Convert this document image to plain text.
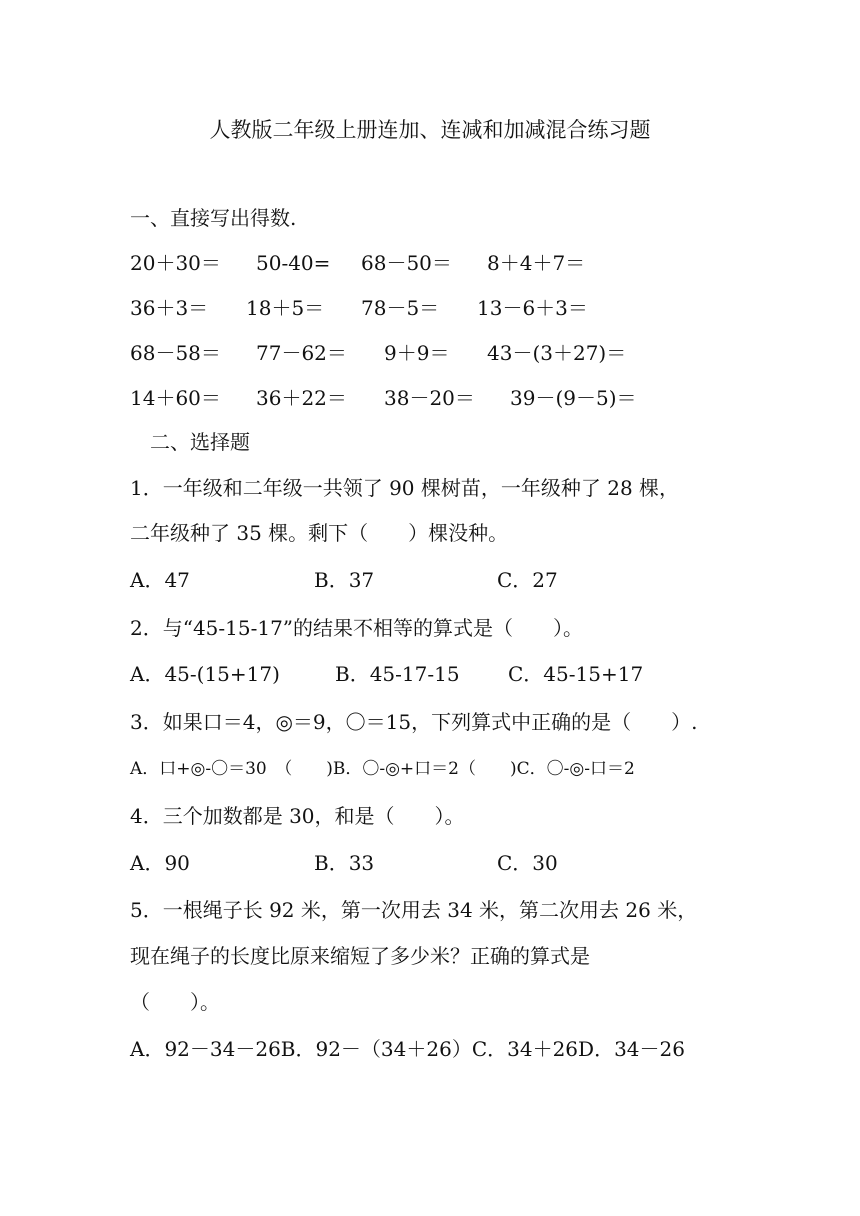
人教版二年级上册连加、连减和加减混合练习题
一、直接写出得数.
20＋30＝ 50-40= 68－50＝ 8＋4＋7＝
36＋3＝ 18＋5＝ 78－5＝ 13－6＋3＝
68－58＝ 77－62＝ 9＋9＝ 43－(3＋27)＝
14＋60＝ 36＋22＝ 38－20＝ 39－(9－5)＝
二、选择题
1．一年级和二年级一共领了 90 棵树苗，一年级种了 28 棵，
二年级种了 35 棵。剩下（　　）棵没种。
A．47	B．37	C．27
2．与“45-15-17”的结果不相等的算式是（　　）。
A．45-(15+17)	B．45-17-15 C．45-15+17
3．如果口＝4，◎＝9，〇＝15，下列算式中正确的是（　　）.
A．口+◎-〇＝30　（　　)B．〇-◎+口＝2（　　)C．〇-◎-口＝2
4．三个加数都是 30，和是（　　）。
A．90	B．33	C．30
5．一根绳子长 92 米，第一次用去 34 米，第二次用去 26 米，
现在绳子的长度比原来缩短了多少米？正确的算式是
（　　）。
A．92－34－26B．92－（34＋26）C．34＋26D．34－26
